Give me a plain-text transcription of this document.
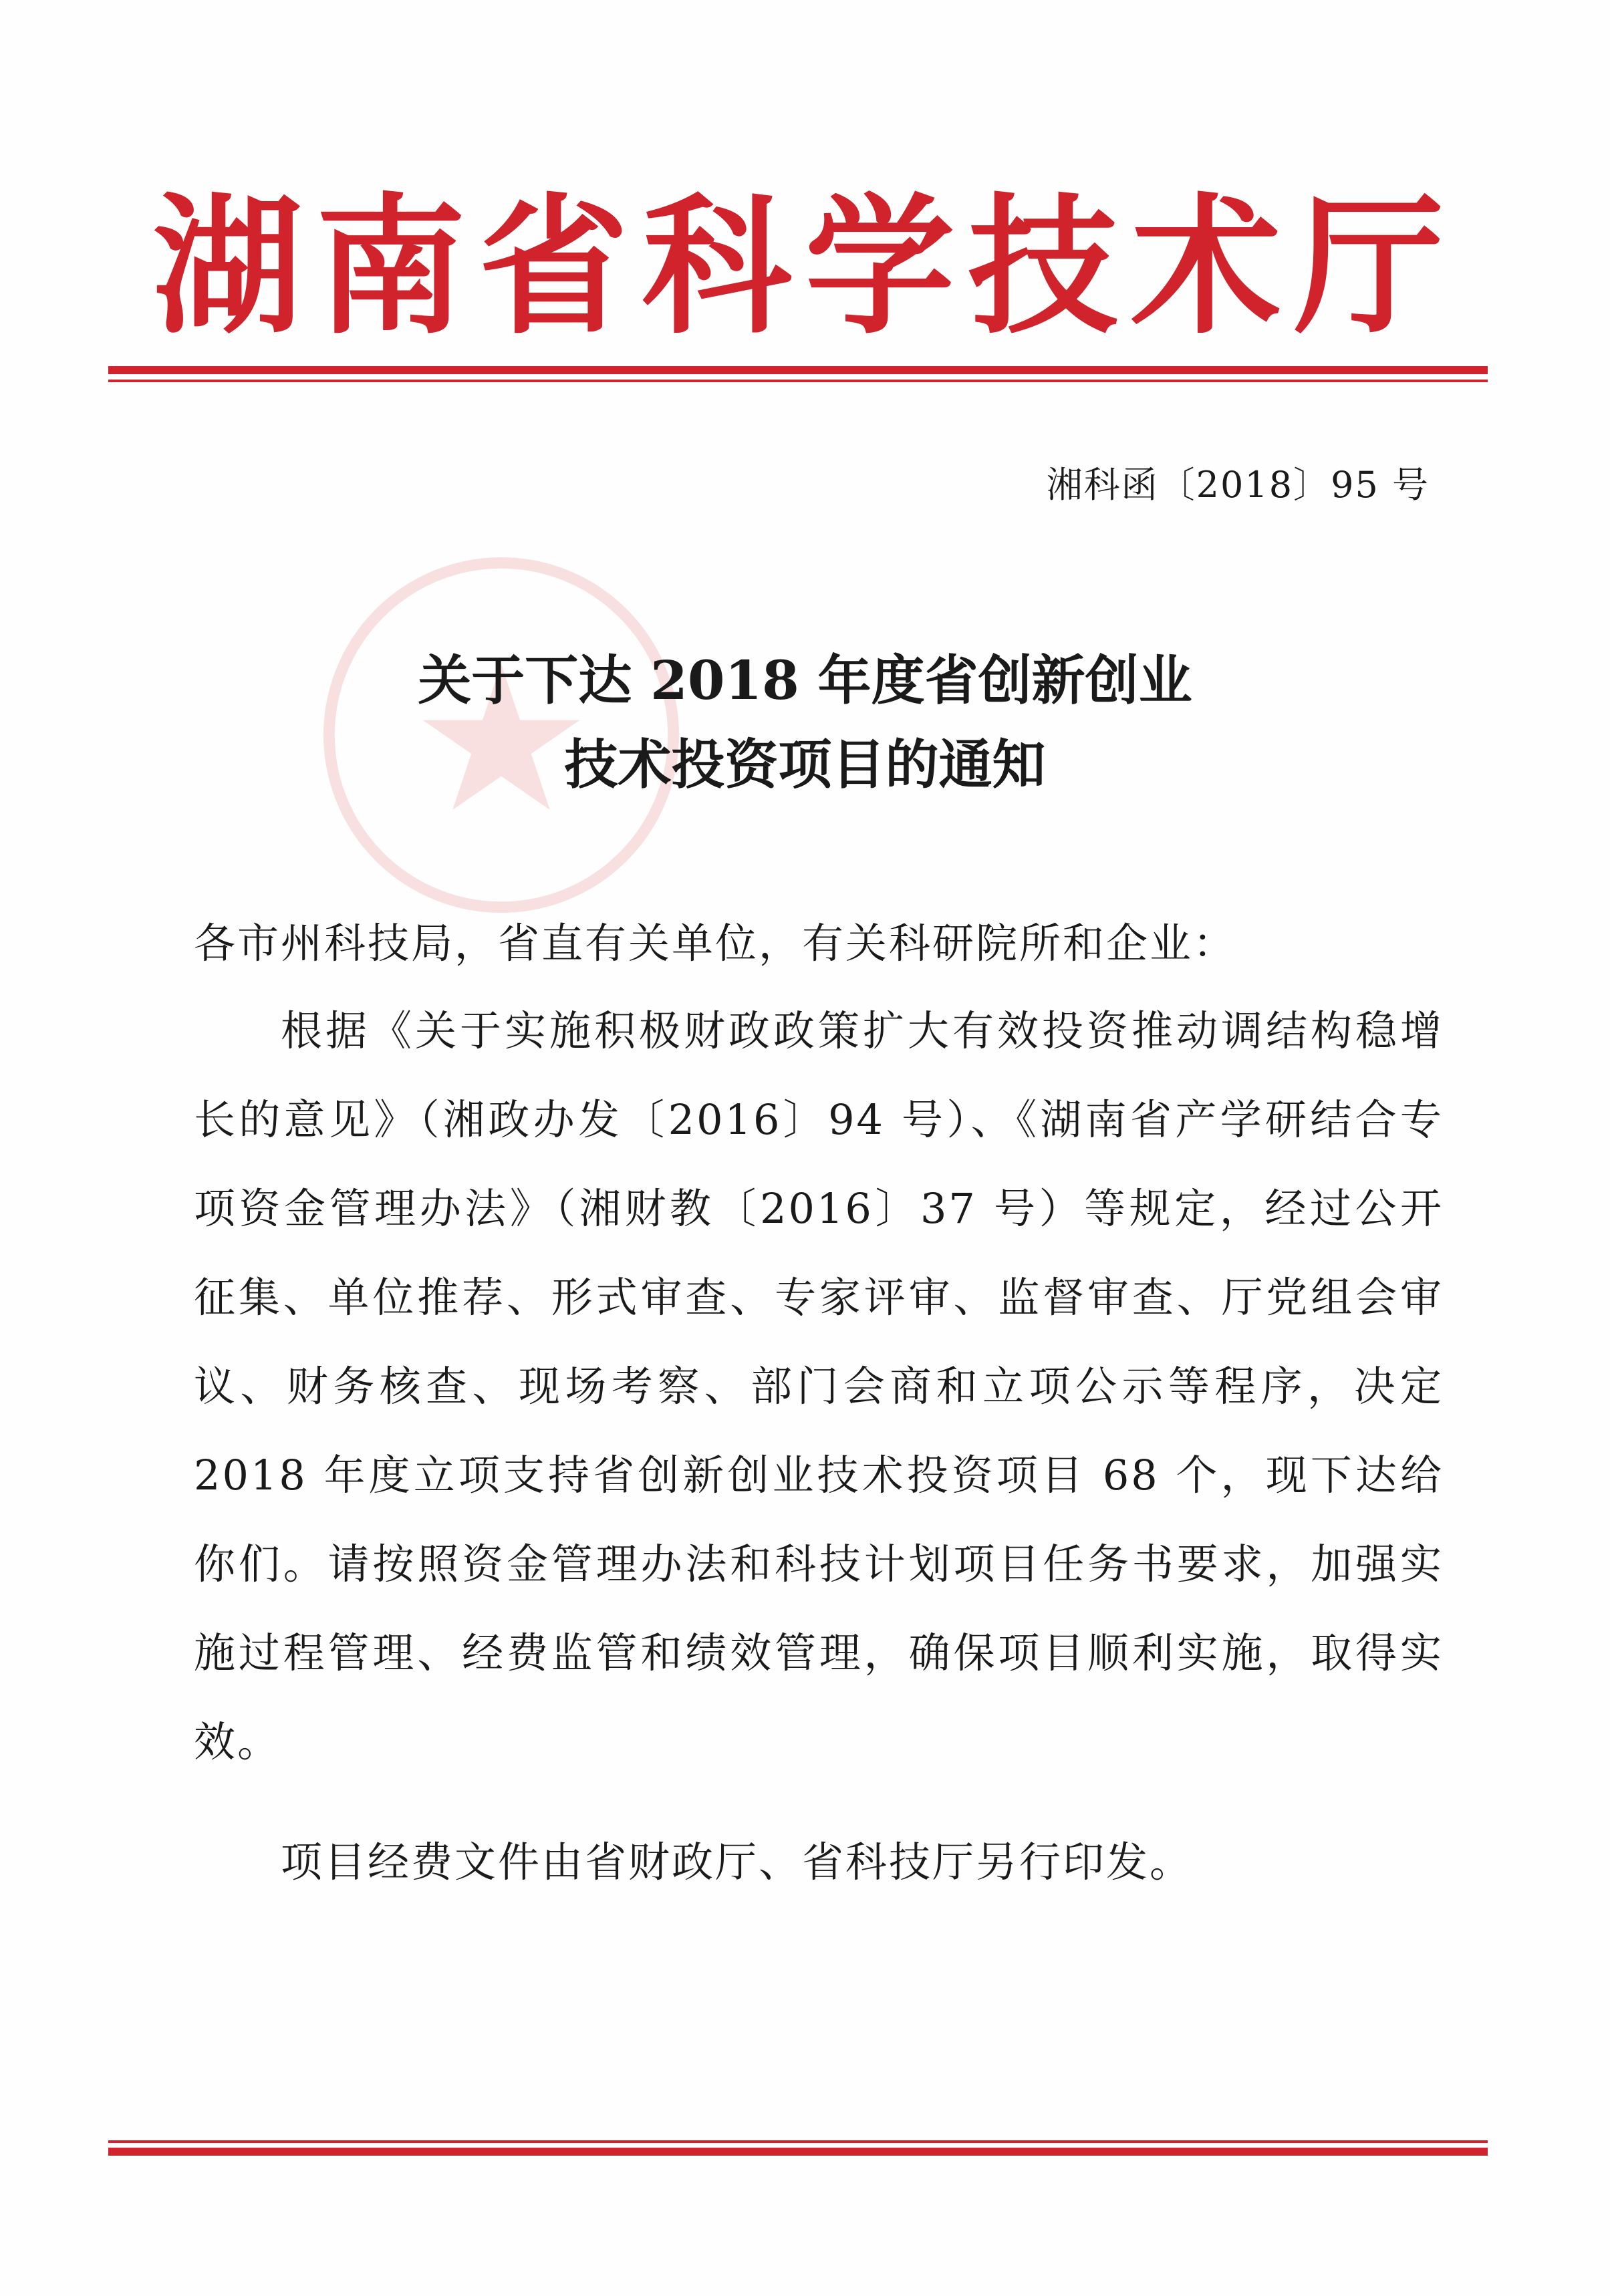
湖南省科学技术厅
湘科函〔2018〕95 号
关于下达 2018 年度省创新创业
技术投资项目的通知
各市州科技局，省直有关单位，有关科研院所和企业：
根据《关于实施积极财政政策扩大有效投资推动调结构稳增长的意见》（湘政办发〔2016〕94 号）、《湖南省产学研结合专项资金管理办法》（湘财教〔2016〕37 号）等规定，经过公开征集、单位推荐、形式审查、专家评审、监督审查、厅党组会审议、财务核查、现场考察、部门会商和立项公示等程序，决定 2018 年度立项支持省创新创业技术投资项目 68 个，现下达给你们。请按照资金管理办法和科技计划项目任务书要求，加强实施过程管理、经费监管和绩效管理，确保项目顺利实施，取得实效。
项目经费文件由省财政厅、省科技厅另行印发。
